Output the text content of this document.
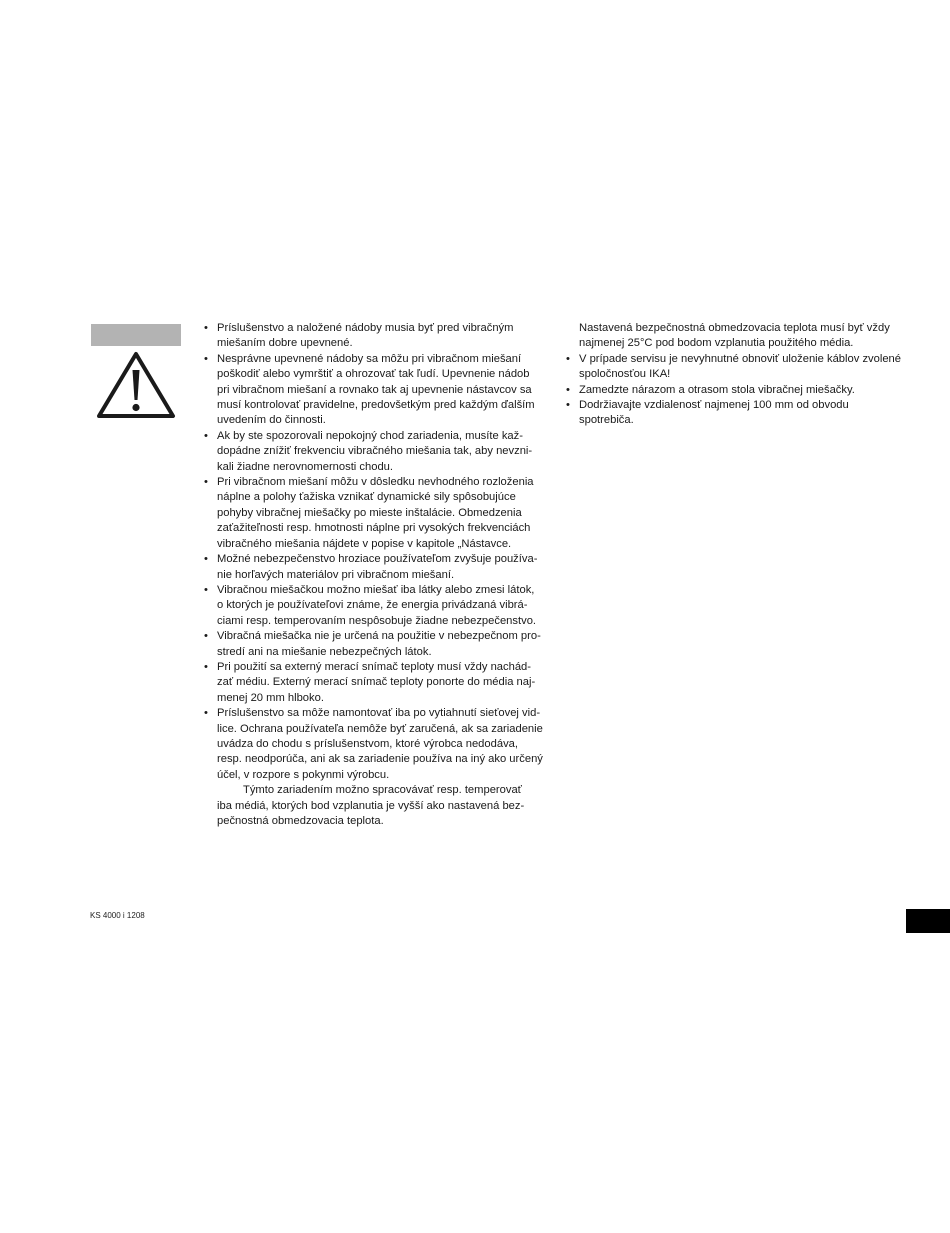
• Príslušenstvo a naložené nádoby musia byť pred vibračným
miešaním dobre upevnené.
• Nesprávne upevnené nádoby sa môžu pri vibračnom miešaní
poškodiť alebo vymrštiť a ohrozovať tak ľudí. Upevnenie nádob
pri vibračnom miešaní a rovnako tak aj upevnenie nástavcov sa
musí kontrolovať pravidelne, predovšetkým pred každým ďalším
uvedením do činnosti.
• Ak by ste spozorovali nepokojný chod zariadenia, musíte kaž-
dopádne znížiť frekvenciu vibračného miešania tak, aby nevzni-
kali žiadne nerovnomernosti chodu.
• Pri vibračnom miešaní môžu v dôsledku nevhodného rozloženia
náplne a polohy ťažiska vznikať dynamické sily spôsobujúce
pohyby vibračnej miešačky po mieste inštalácie. Obmedzenia
zaťažiteľnosti resp. hmotnosti náplne pri vysokých frekvenciách
vibračného miešania nájdete v popise v kapitole „Nástavce.
• Možné nebezpečenstvo hroziace používateľom zvyšuje používa-
nie horľavých materiálov pri vibračnom miešaní.
• Vibračnou miešačkou možno miešať iba látky alebo zmesi látok,
o ktorých je používateľovi známe, že energia privádzaná vibrá-
ciami resp. temperovaním nespôsobuje žiadne nebezpečenstvo.
• Vibračná miešačka nie je určená na použitie v nebezpečnom pro-
stredí ani na miešanie nebezpečných látok.
• Pri použití sa externý merací snímač teploty musí vždy nachád-
zať médiu. Externý merací snímač teploty ponorte do média naj-
menej 20 mm hlboko.
• Príslušenstvo sa môže namontovať iba po vytiahnutí sieťovej vid-
lice. Ochrana používateľa nemôže byť zaručená, ak sa zariadenie
uvádza do chodu s príslušenstvom, ktoré výrobca nedodáva,
resp. neodporúča, ani ak sa zariadenie používa na iný ako určený
účel, v rozpore s pokynmi výrobcu.
Týmto zariadením možno spracovávať resp. temperovať
iba médiá, ktorých bod vzplanutia je vyšší ako nastavená bez-
pečnostná obmedzovacia teplota.
Nastavená bezpečnostná obmedzovacia teplota musí byť vždy
najmenej 25°C pod bodom vzplanutia použitého média.
• V prípade servisu je nevyhnutné obnoviť uloženie káblov zvolené
spoločnosťou IKA!
• Zamedzte nárazom a otrasom stola vibračnej miešačky.
• Dodržiavajte vzdialenosť najmenej 100 mm od obvodu
spotrebiča.
KS 4000 i 1208
